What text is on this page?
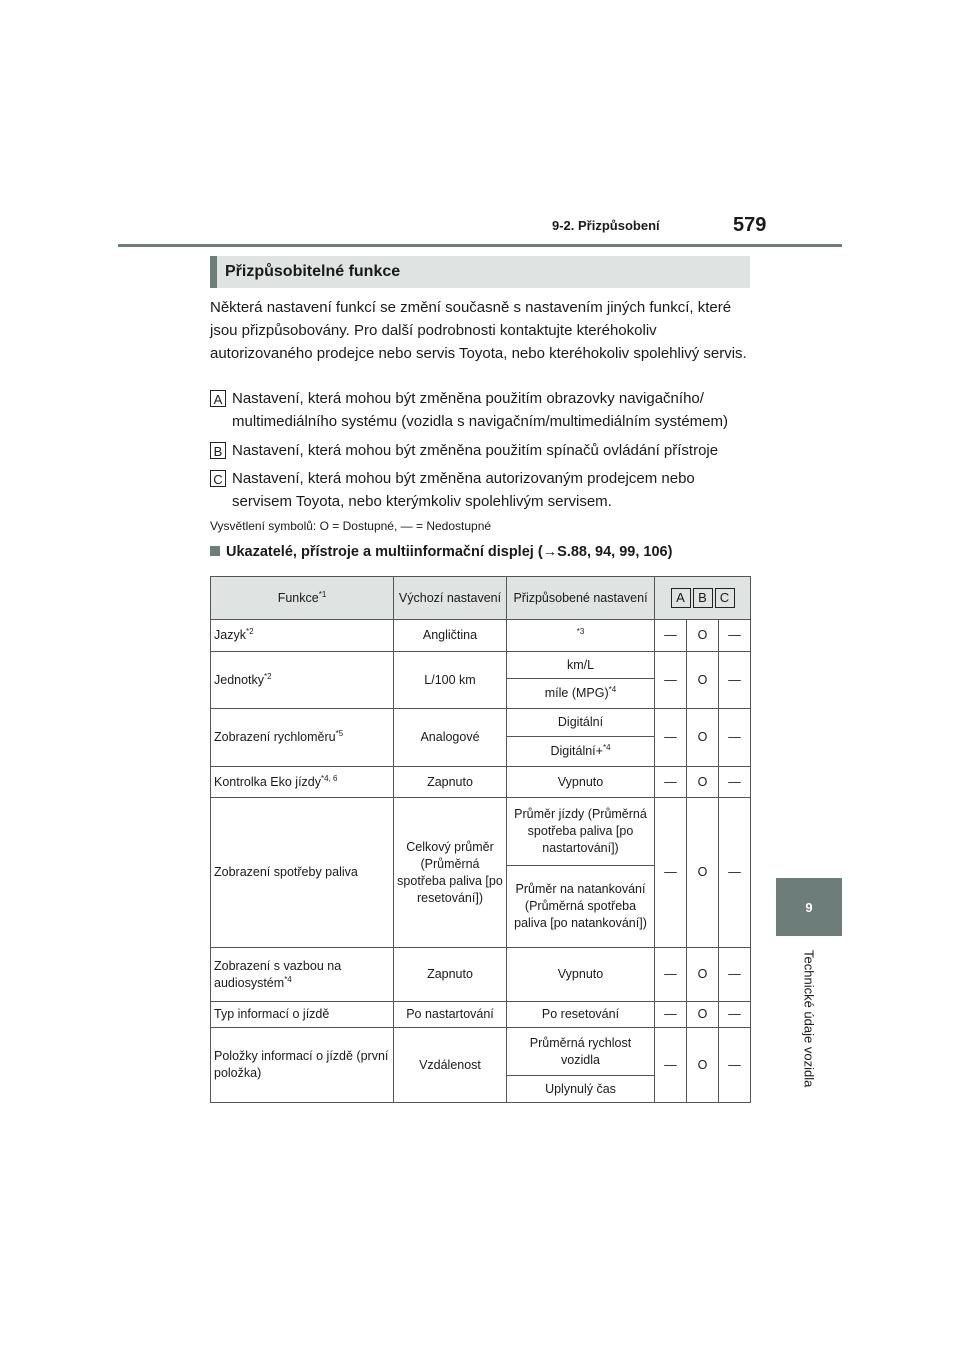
9-2. Přizpůsobení	579
9
Technické údaje vozidla
Přizpůsobitelné funkce

Některá nastavení funkcí se změní současně s nastavením jiných funkcí, které jsou přizpůsobovány. Pro další podrobnosti kontaktujte kteréhokoliv autorizovaného prodejce nebo servis Toyota, nebo kteréhokoliv spolehlivý servis.

A Nastavení, která mohou být změněna použitím obrazovky navigačního/ multimediálního systému (vozidla s navigačním/multimediálním systémem)
B Nastavení, která mohou být změněna použitím spínačů ovládání přístroje
C Nastavení, která mohou být změněna autorizovaným prodejcem nebo servisem Toyota, nebo kterýmkoliv spolehlivým servisem.
Vysvětlení symbolů: O = Dostupné, — = Nedostupné
Ukazatelé, přístroje a multiinformační displej (→S.88, 94, 99, 106)
Funkce$^{*1}$	Výchozí nastavení	Přizpůsobené nastavení	A B C		
Jazyk$^{*2}$	Angličtina	$^{*3}$	—	O	—
Jednotky$^{*2}$	L/100 km	km/L	—	O	—
		míle (MPG)$^{*4}$
Zobrazení rychloměru$^{*5}$	Analogové	Digitální	—	O	—
		Digitální+$^{*4}$
Kontrolka Eko jízdy$^{*4, 6}$	Zapnuto	Vypnuto	—	O	—
Zobrazení spotřeby paliva	Celkový průměr (Průměrná spotřeba paliva [po resetování])	Průměr jízdy (Průměrná spotřeba paliva [po nastartování])	—	O	—
		Průměr na natankování (Průměrná spotřeba paliva [po natankování])			
Zobrazení s vazbou na audiosystém$^{*4}$	Zapnuto	Vypnuto	—	O	—
Typ informací o jízdě	Po nastartování	Po resetování	—	O	—
Položky informací o jízdě (první položka)	Vzdálenost	Průměrná rychlost vozidla	—	O	—
		Uplynulý čas			
